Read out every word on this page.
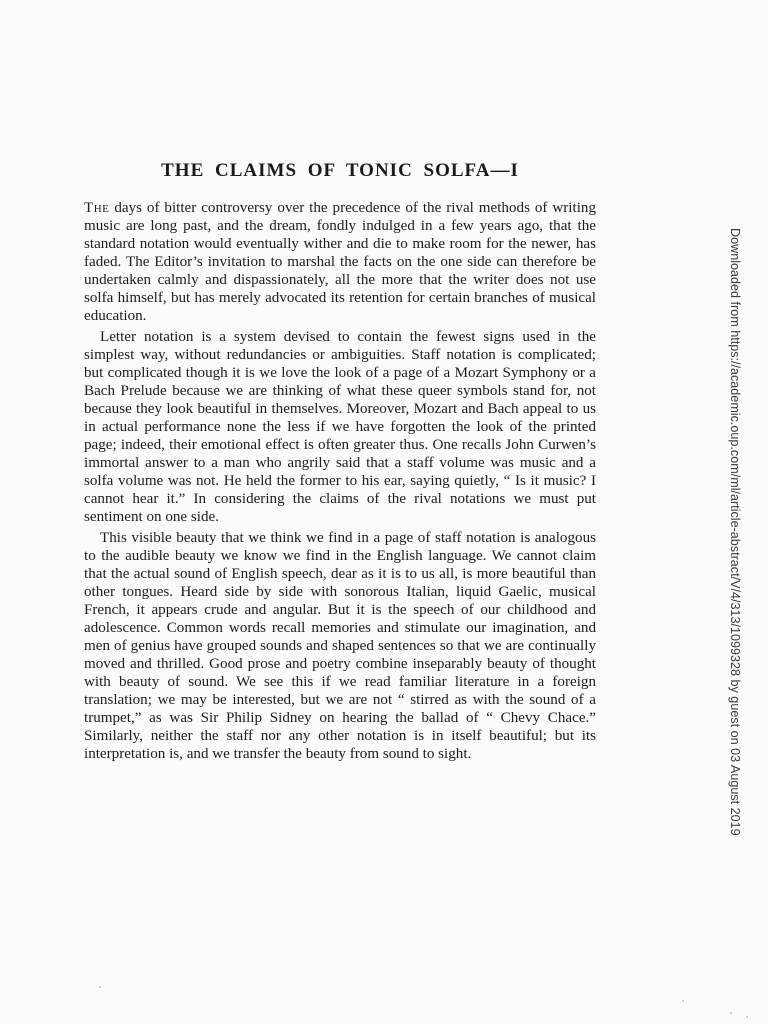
THE CLAIMS OF TONIC SOLFA—I

The days of bitter controversy over the precedence of the rival methods of writing music are long past, and the dream, fondly indulged in a few years ago, that the standard notation would eventually wither and die to make room for the newer, has faded. The Editor’s invitation to marshal the facts on the one side can therefore be undertaken calmly and dispassionately, all the more that the writer does not use solfa himself, but has merely advocated its retention for certain branches of musical education.

Letter notation is a system devised to contain the fewest signs used in the simplest way, without redundancies or ambiguities. Staff notation is complicated; but complicated though it is we love the look of a page of a Mozart Symphony or a Bach Prelude because we are thinking of what these queer symbols stand for, not because they look beautiful in themselves. Moreover, Mozart and Bach appeal to us in actual performance none the less if we have forgotten the look of the printed page; indeed, their emotional effect is often greater thus. One recalls John Curwen’s immortal answer to a man who angrily said that a staff volume was music and a solfa volume was not. He held the former to his ear, saying quietly, “ Is it music? I cannot hear it.” In considering the claims of the rival notations we must put sentiment on one side.

This visible beauty that we think we find in a page of staff notation is analogous to the audible beauty we know we find in the English language. We cannot claim that the actual sound of English speech, dear as it is to us all, is more beautiful than other tongues. Heard side by side with sonorous Italian, liquid Gaelic, musical French, it appears crude and angular. But it is the speech of our childhood and adolescence. Common words recall memories and stimulate our imagination, and men of genius have grouped sounds and shaped sentences so that we are continually moved and thrilled. Good prose and poetry combine inseparably beauty of thought with beauty of sound. We see this if we read familiar literature in a foreign translation; we may be interested, but we are not “ stirred as with the sound of a trumpet,” as was Sir Philip Sidney on hearing the ballad of “ Chevy Chace.” Similarly, neither the staff nor any other notation is in itself beautiful; but its interpretation is, and we transfer the beauty from sound to sight.	Downloaded from https://academic.oup.com/ml/article-abstract/V/4/313/1099328 by guest on 03 August 2019
